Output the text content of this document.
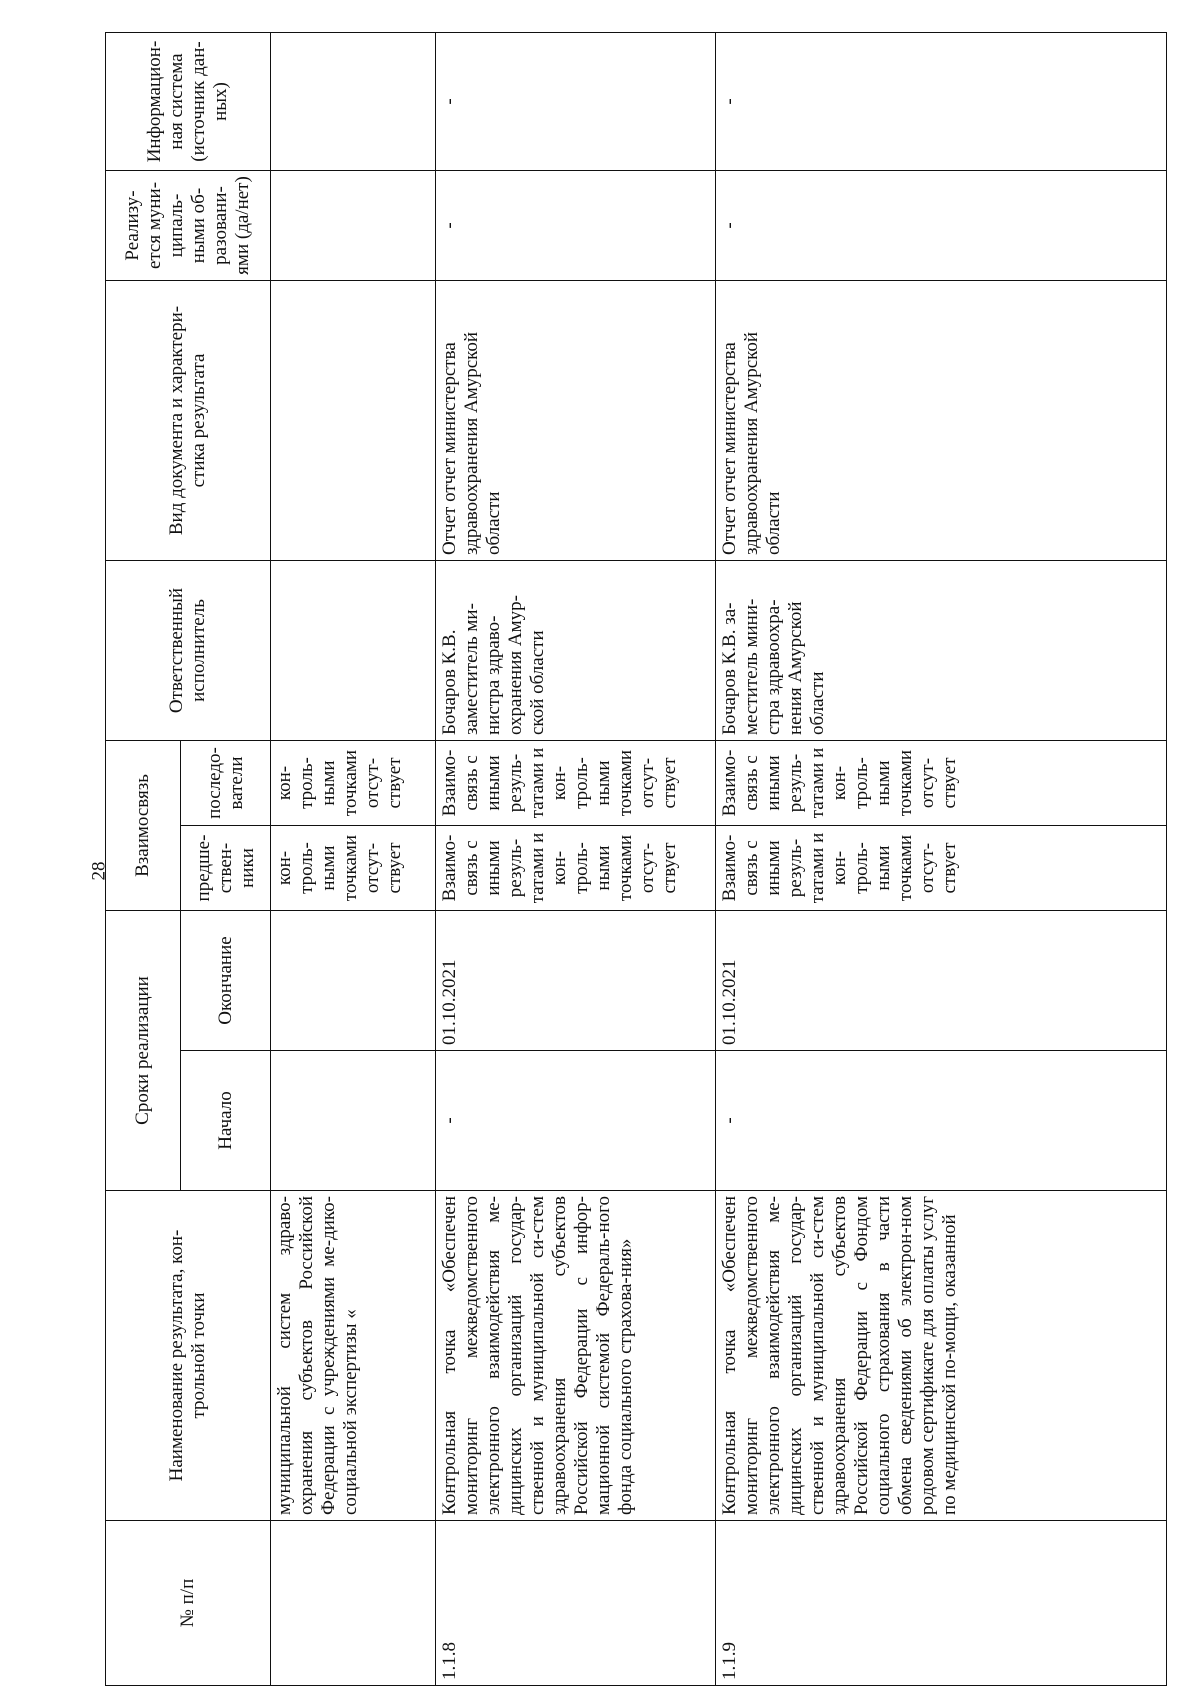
28
№ п/п	Наименование результата, кон-трольной точки	Сроки реализации		Взаимосвязь		Ответственный исполнитель	Вид документа и характери-стика результата	Реализу-ется муни-ципаль-ными об-разовани-ями (да/нет)	Информацион-ная система (источник дан-ных)
		Начало	Окончание	предше-ствен-ники	последо-ватели				
	муниципальной систем здраво-охранения субъектов Российской Федерации с учреждениями ме-дико-социальной экспертизы «			кон-троль-ными точками отсут-ствует	кон-троль-ными точками отсут-ствует				
1.1.8	Контрольная точка «Обеспечен мониторинг межведомственного электронного взаимодействия ме-дицинских организаций государ-ственной и муниципальной си-стем здравоохранения субъектов Российской Федерации с инфор-мационной системой Федераль-ного фонда социального страхова-ния»	-	01.10.2021	Взаимо-связь с иными резуль-татами и кон-троль-ными точками отсут-ствует	Взаимо-связь с иными резуль-татами и кон-троль-ными точками отсут-ствует	Бочаров К.В. заместитель ми-нистра здраво-охранения Амур-ской области	Отчет отчет министерства здравоохранения Амурской области	-	-
1.1.9	Контрольная точка «Обеспечен мониторинг межведомственного электронного взаимодействия ме-дицинских организаций государ-ственной и муниципальной си-стем здравоохранения субъектов Российской Федерации с Фондом социального страхования в части обмена сведениями об электрон-ном родовом сертификате для оплаты услуг по медицинской по-мощи, оказанной	-	01.10.2021	Взаимо-связь с иными резуль-татами и кон-троль-ными точками отсут-ствует	Взаимо-связь с иными резуль-татами и кон-троль-ными точками отсут-ствует	Бочаров К.В. за-меститель мини-стра здравоохра-нения Амурской области	Отчет отчет министерства здравоохранения Амурской области	-	-
